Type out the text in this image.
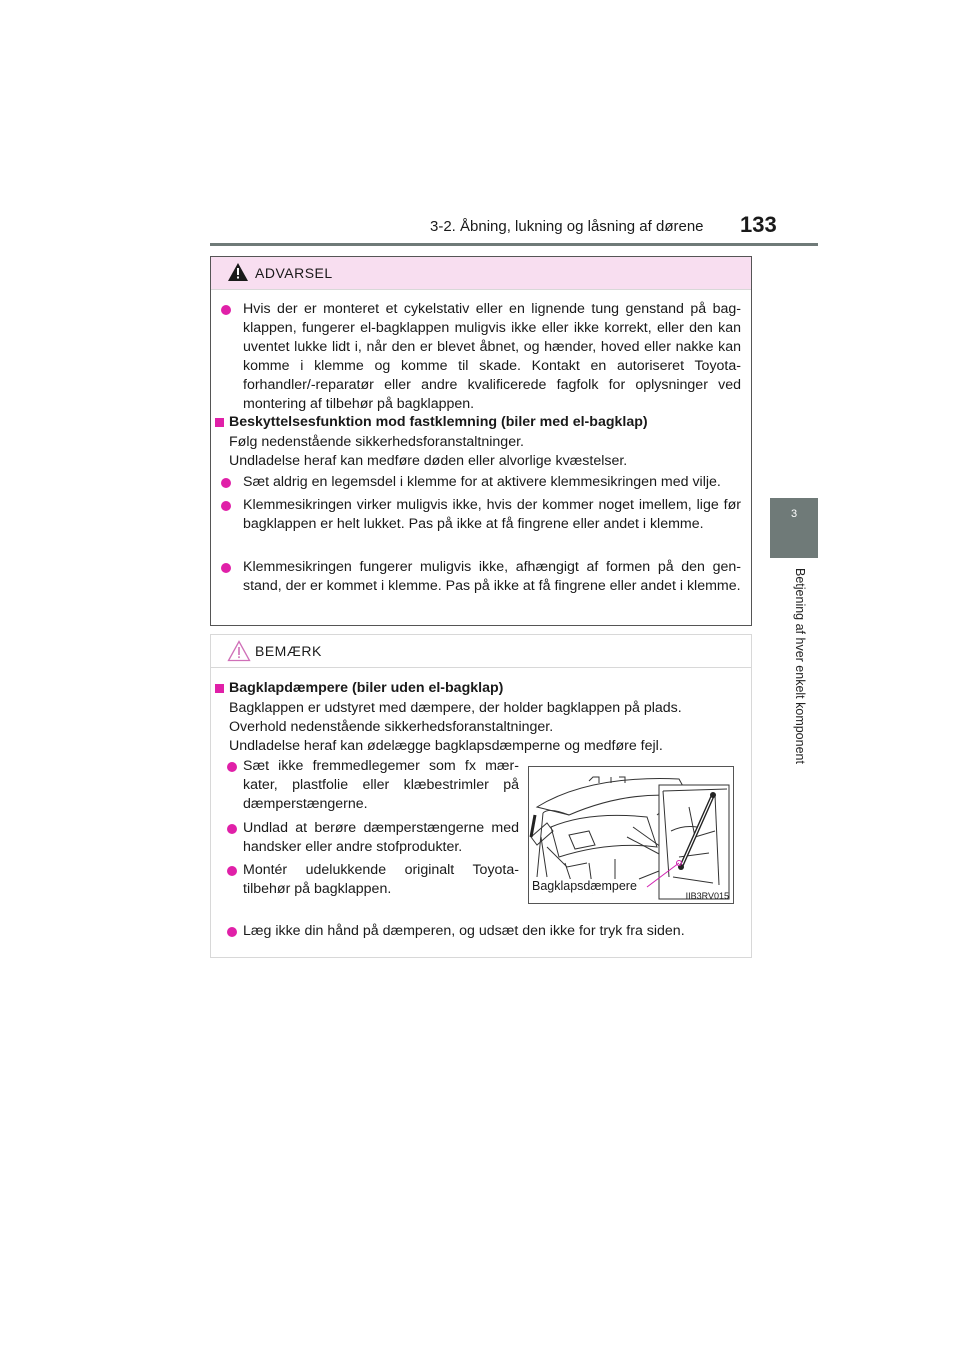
3-2. Åbning, lukning og låsning af dørene 133
3
Betjening af hver enkelt komponent
ADVARSEL
Hvis der er monteret et cykelstativ eller en lignende tung genstand på bag-klappen, fungerer el-bagklappen muligvis ikke eller ikke korrekt, eller den kan uventet lukke lidt i, når den er blevet åbnet, og hænder, hoved eller nakke kan komme i klemme og komme til skade. Kontakt en autoriseret Toyota-forhandler/-reparatør eller andre kvalificerede fagfolk for oplysninger ved montering af tilbehør på bagklappen.
Beskyttelsesfunktion mod fastklemning (biler med el-bagklap)
Følg nedenstående sikkerhedsforanstaltninger.
Undladelse heraf kan medføre døden eller alvorlige kvæstelser.
Sæt aldrig en legemsdel i klemme for at aktivere klemmesikringen med vilje.
Klemmesikringen virker muligvis ikke, hvis der kommer noget imellem, lige før bagklappen er helt lukket. Pas på ikke at få fingrene eller andet i klemme.
Klemmesikringen fungerer muligvis ikke, afhængigt af formen på den gen-stand, der er kommet i klemme. Pas på ikke at få fingrene eller andet i klemme.
BEMÆRK
Bagklapdæmpere (biler uden el-bagklap)
Bagklappen er udstyret med dæmpere, der holder bagklappen på plads.
Overhold nedenstående sikkerhedsforanstaltninger.
Undladelse heraf kan ødelægge bagklapsdæmperne og medføre fejl.
Sæt ikke fremmedlegemer som fx mær-kater, plastfolie eller klæbestrimler på dæmperstængerne.
Undlad at berøre dæmperstængerne med handsker eller andre stofprodukter.
Montér udelukkende originalt Toyota-tilbehør på bagklappen.
Læg ikke din hånd på dæmperen, og udsæt den ikke for tryk fra siden.
Bagklapsdæmpere
IIB3RV015
